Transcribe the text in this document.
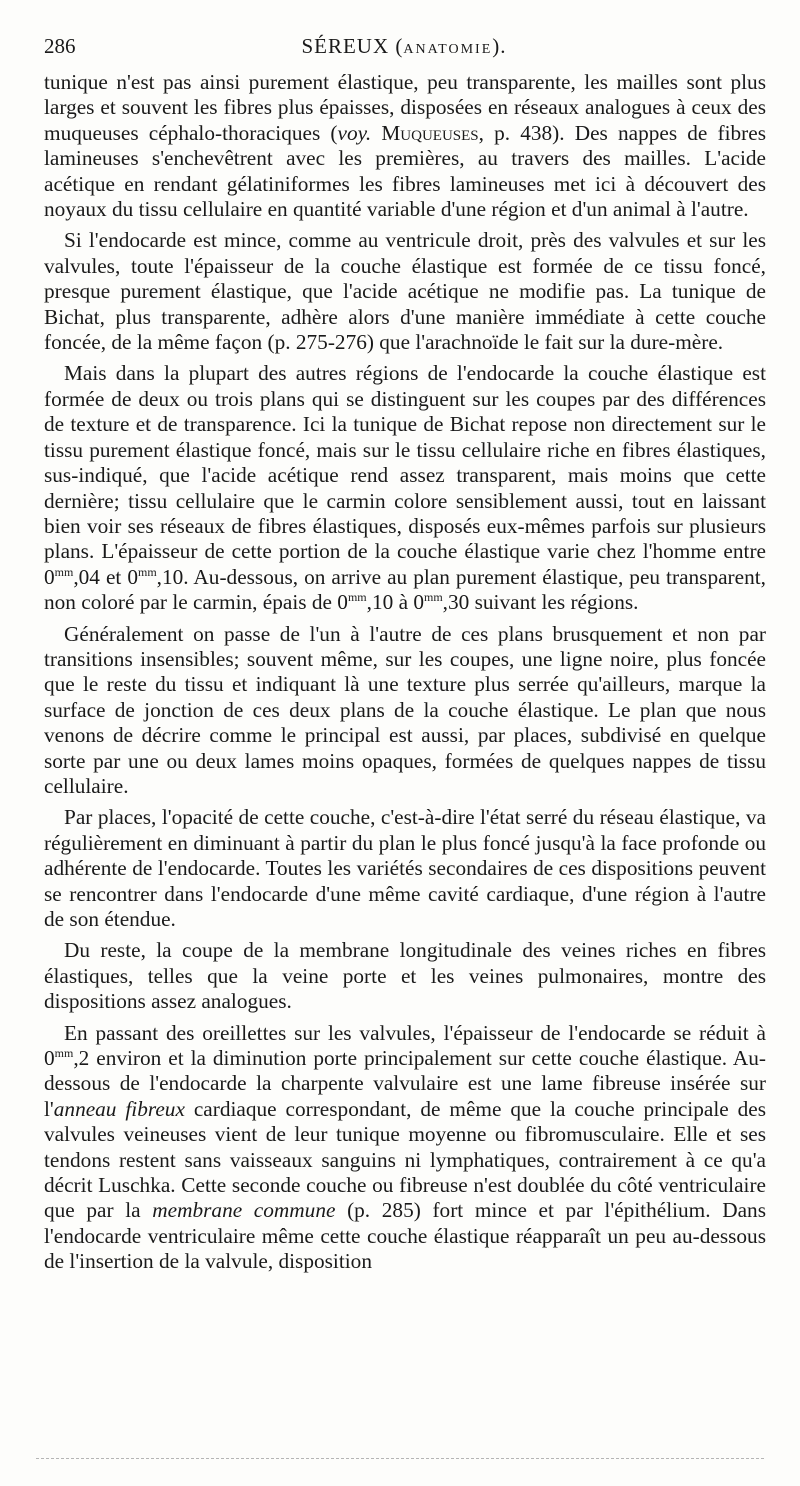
286	SÉREUX (ANATOMIE).

tunique n'est pas ainsi purement élastique, peu transparente, les mailles sont plus larges et souvent les fibres plus épaisses, disposées en réseaux analogues à ceux des muqueuses céphalo-thoraciques (voy. Muqueuses, p. 438). Des nappes de fibres lamineuses s'enchevêtrent avec les premières, au travers des mailles. L'acide acétique en rendant gélatiniformes les fibres lamineuses met ici à découvert des noyaux du tissu cellulaire en quantité variable d'une région et d'un animal à l'autre.

Si l'endocarde est mince, comme au ventricule droit, près des valvules et sur les valvules, toute l'épaisseur de la couche élastique est formée de ce tissu foncé, presque purement élastique, que l'acide acétique ne modifie pas. La tunique de Bichat, plus transparente, adhère alors d'une manière immédiate à cette couche foncée, de la même façon (p. 275-276) que l'arachnoïde le fait sur la dure-mère.

Mais dans la plupart des autres régions de l'endocarde la couche élastique est formée de deux ou trois plans qui se distinguent sur les coupes par des différences de texture et de transparence. Ici la tunique de Bichat repose non directement sur le tissu purement élastique foncé, mais sur le tissu cellulaire riche en fibres élastiques, sus-indiqué, que l'acide acétique rend assez transparent, mais moins que cette dernière; tissu cellulaire que le carmin colore sensiblement aussi, tout en laissant bien voir ses réseaux de fibres élastiques, disposés eux-mêmes parfois sur plusieurs plans. L'épaisseur de cette portion de la couche élastique varie chez l'homme entre $0^{mm},04$ et $0^{mm},10$. Au-dessous, on arrive au plan purement élastique, peu transparent, non coloré par le carmin, épais de $0^{mm},10$ à $0^{mm},30$ suivant les régions.

Généralement on passe de l'un à l'autre de ces plans brusquement et non par transitions insensibles; souvent même, sur les coupes, une ligne noire, plus foncée que le reste du tissu et indiquant là une texture plus serrée qu'ailleurs, marque la surface de jonction de ces deux plans de la couche élastique. Le plan que nous venons de décrire comme le principal est aussi, par places, subdivisé en quelque sorte par une ou deux lames moins opaques, formées de quelques nappes de tissu cellulaire.

Par places, l'opacité de cette couche, c'est-à-dire l'état serré du réseau élastique, va régulièrement en diminuant à partir du plan le plus foncé jusqu'à la face profonde ou adhérente de l'endocarde. Toutes les variétés secondaires de ces dispositions peuvent se rencontrer dans l'endocarde d'une même cavité cardiaque, d'une région à l'autre de son étendue.

Du reste, la coupe de la membrane longitudinale des veines riches en fibres élastiques, telles que la veine porte et les veines pulmonaires, montre des dispositions assez analogues.

En passant des oreillettes sur les valvules, l'épaisseur de l'endocarde se réduit à $0^{mm},2$ environ et la diminution porte principalement sur cette couche élastique. Au-dessous de l'endocarde la charpente valvulaire est une lame fibreuse insérée sur l'anneau fibreux cardiaque correspondant, de même que la couche principale des valvules veineuses vient de leur tunique moyenne ou fibromusculaire. Elle et ses tendons restent sans vaisseaux sanguins ni lymphatiques, contrairement à ce qu'a décrit Luschka. Cette seconde couche ou fibreuse n'est doublée du côté ventriculaire que par la membrane commune (p. 285) fort mince et par l'épithélium. Dans l'endocarde ventriculaire même cette couche élastique réapparaît un peu au-dessous de l'insertion de la valvule, disposition
